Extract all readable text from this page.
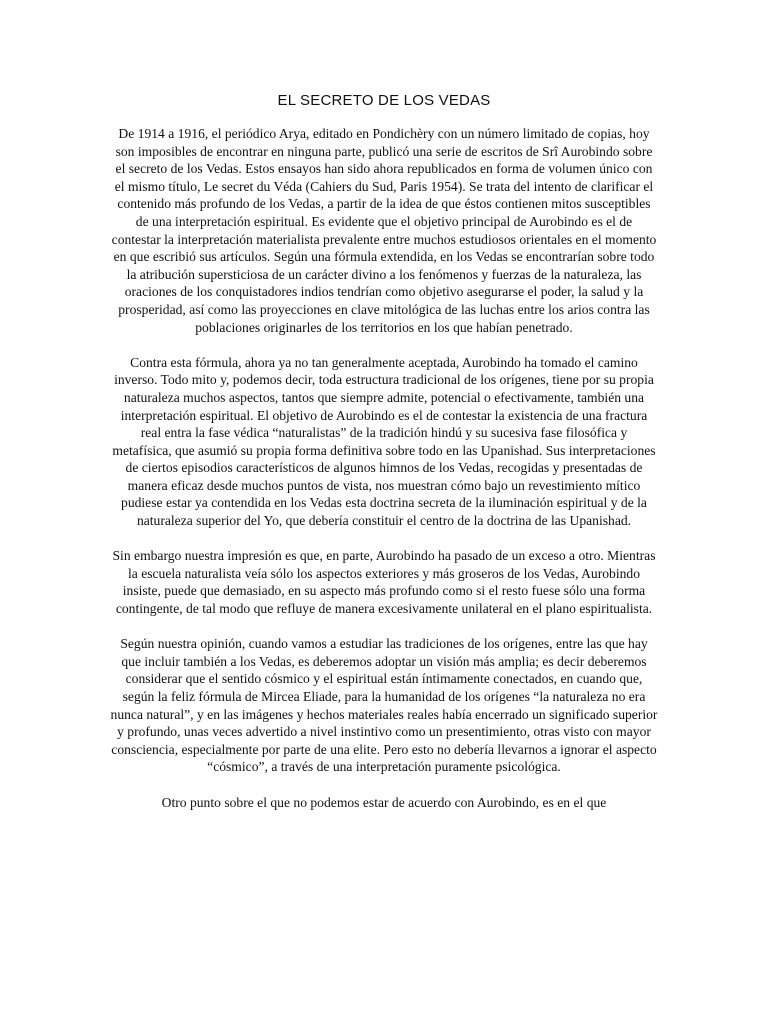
EL SECRETO DE LOS VEDAS

De 1914 a 1916, el periódico Arya, editado en Pondichèry con un número limitado de copias, hoy son imposibles de encontrar en ninguna parte, publicó una serie de escritos de Srî Aurobindo sobre el secreto de los Vedas. Estos ensayos han sido ahora republicados en forma de volumen único con el mismo título, Le secret du Véda (Cahiers du Sud, Paris 1954). Se trata del intento de clarificar el contenido más profundo de los Vedas, a partir de la idea de que éstos contienen mitos susceptibles de una interpretación espiritual. Es evidente que el objetivo principal de Aurobindo es el de contestar la interpretación materialista prevalente entre muchos estudiosos orientales en el momento en que escribió sus artículos. Según una fórmula extendida, en los Vedas se encontrarían sobre todo la atribución supersticiosa de un carácter divino a los fenómenos y fuerzas de la naturaleza, las oraciones de los conquistadores indios tendrían como objetivo asegurarse el poder, la salud y la prosperidad, así como las proyecciones en clave mitológica de las luchas entre los arios contra las poblaciones originarles de los territorios en los que habían penetrado.

Contra esta fórmula, ahora ya no tan generalmente aceptada, Aurobindo ha tomado el camino inverso. Todo mito y, podemos decir, toda estructura tradicional de los orígenes, tiene por su propia naturaleza muchos aspectos, tantos que siempre admite, potencial o efectivamente, también una interpretación espiritual. El objetivo de Aurobindo es el de contestar la existencia de una fractura real entra la fase védica “naturalistas” de la tradición hindú y su sucesiva fase filosófica y metafísica, que asumió su propia forma definitiva sobre todo en las Upanishad. Sus interpretaciones de ciertos episodios característicos de algunos himnos de los Vedas, recogidas y presentadas de manera eficaz desde muchos puntos de vista, nos muestran cómo bajo un revestimiento mítico pudiese estar ya contendida en los Vedas esta doctrina secreta de la iluminación espiritual y de la naturaleza superior del Yo, que debería constituir el centro de la doctrina de las Upanishad.

Sin embargo nuestra impresión es que, en parte, Aurobindo ha pasado de un exceso a otro. Mientras la escuela naturalista veía sólo los aspectos exteriores y más groseros de los Vedas, Aurobindo insiste, puede que demasiado, en su aspecto más profundo como si el resto fuese sólo una forma contingente, de tal modo que refluye de manera excesivamente unilateral en el plano espiritualista.

Según nuestra opinión, cuando vamos a estudiar las tradiciones de los orígenes, entre las que hay que incluir también a los Vedas, es deberemos adoptar un visión más amplia; es decir deberemos considerar que el sentido cósmico y el espiritual están íntimamente conectados, en cuando que, según la feliz fórmula de Mircea Eliade, para la humanidad de los orígenes “la naturaleza no era nunca natural”, y en las imágenes y hechos materiales reales había encerrado un significado superior y profundo, unas veces advertido a nivel instintivo como un presentimiento, otras visto con mayor consciencia, especialmente por parte de una elite. Pero esto no debería llevarnos a ignorar el aspecto “cósmico”, a través de una interpretación puramente psicológica.

Otro punto sobre el que no podemos estar de acuerdo con Aurobindo, es en el que
